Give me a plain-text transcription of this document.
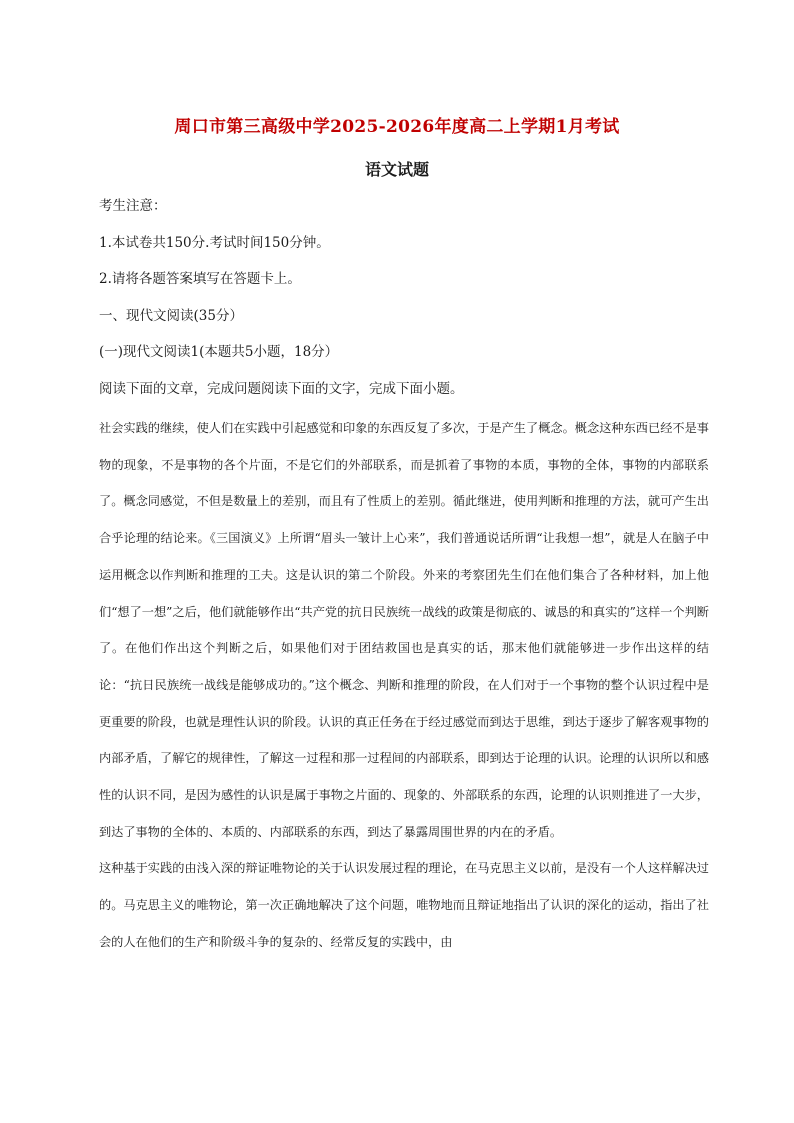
周口市第三高级中学2025-2026年度高二上学期1月考试
语文试题
考生注意：
1.本试卷共150分.考试时间150分钟。
2.请将各题答案填写在答题卡上。
一、现代文阅读(35分）
(一)现代文阅读1(本题共5小题，18分）
阅读下面的文章，完成问题阅读下面的文字，完成下面小题。

社会实践的继续，使人们在实践中引起感觉和印象的东西反复了多次，于是产生了概念。概念这种东西已经不是事物的现象，不是事物的各个片面，不是它们的外部联系，而是抓着了事物的本质，事物的全体，事物的内部联系了。概念同感觉，不但是数量上的差别，而且有了性质上的差别。循此继进，使用判断和推理的方法，就可产生出合乎论理的结论来。《三国演义》上所谓“眉头一皱计上心来”，我们普通说话所谓“让我想一想”，就是人在脑子中运用概念以作判断和推理的工夫。这是认识的第二个阶段。外来的考察团先生们在他们集合了各种材料，加上他们“想了一想”之后，他们就能够作出“共产党的抗日民族统一战线的政策是彻底的、诚恳的和真实的”这样一个判断了。在他们作出这个判断之后，如果他们对于团结救国也是真实的话，那末他们就能够进一步作出这样的结论：“抗日民族统一战线是能够成功的。”这个概念、判断和推理的阶段，在人们对于一个事物的整个认识过程中是更重要的阶段，也就是理性认识的阶段。认识的真正任务在于经过感觉而到达于思维，到达于逐步了解客观事物的内部矛盾，了解它的规律性，了解这一过程和那一过程间的内部联系，即到达于论理的认识。论理的认识所以和感性的认识不同，是因为感性的认识是属于事物之片面的、现象的、外部联系的东西，论理的认识则推进了一大步，到达了事物的全体的、本质的、内部联系的东西，到达了暴露周围世界的内在的矛盾。

这种基于实践的由浅入深的辩证唯物论的关于认识发展过程的理论，在马克思主义以前，是没有一个人这样解决过的。马克思主义的唯物论，第一次正确地解决了这个问题，唯物地而且辩证地指出了认识的深化的运动，指出了社会的人在他们的生产和阶级斗争的复杂的、经常反复的实践中，由
